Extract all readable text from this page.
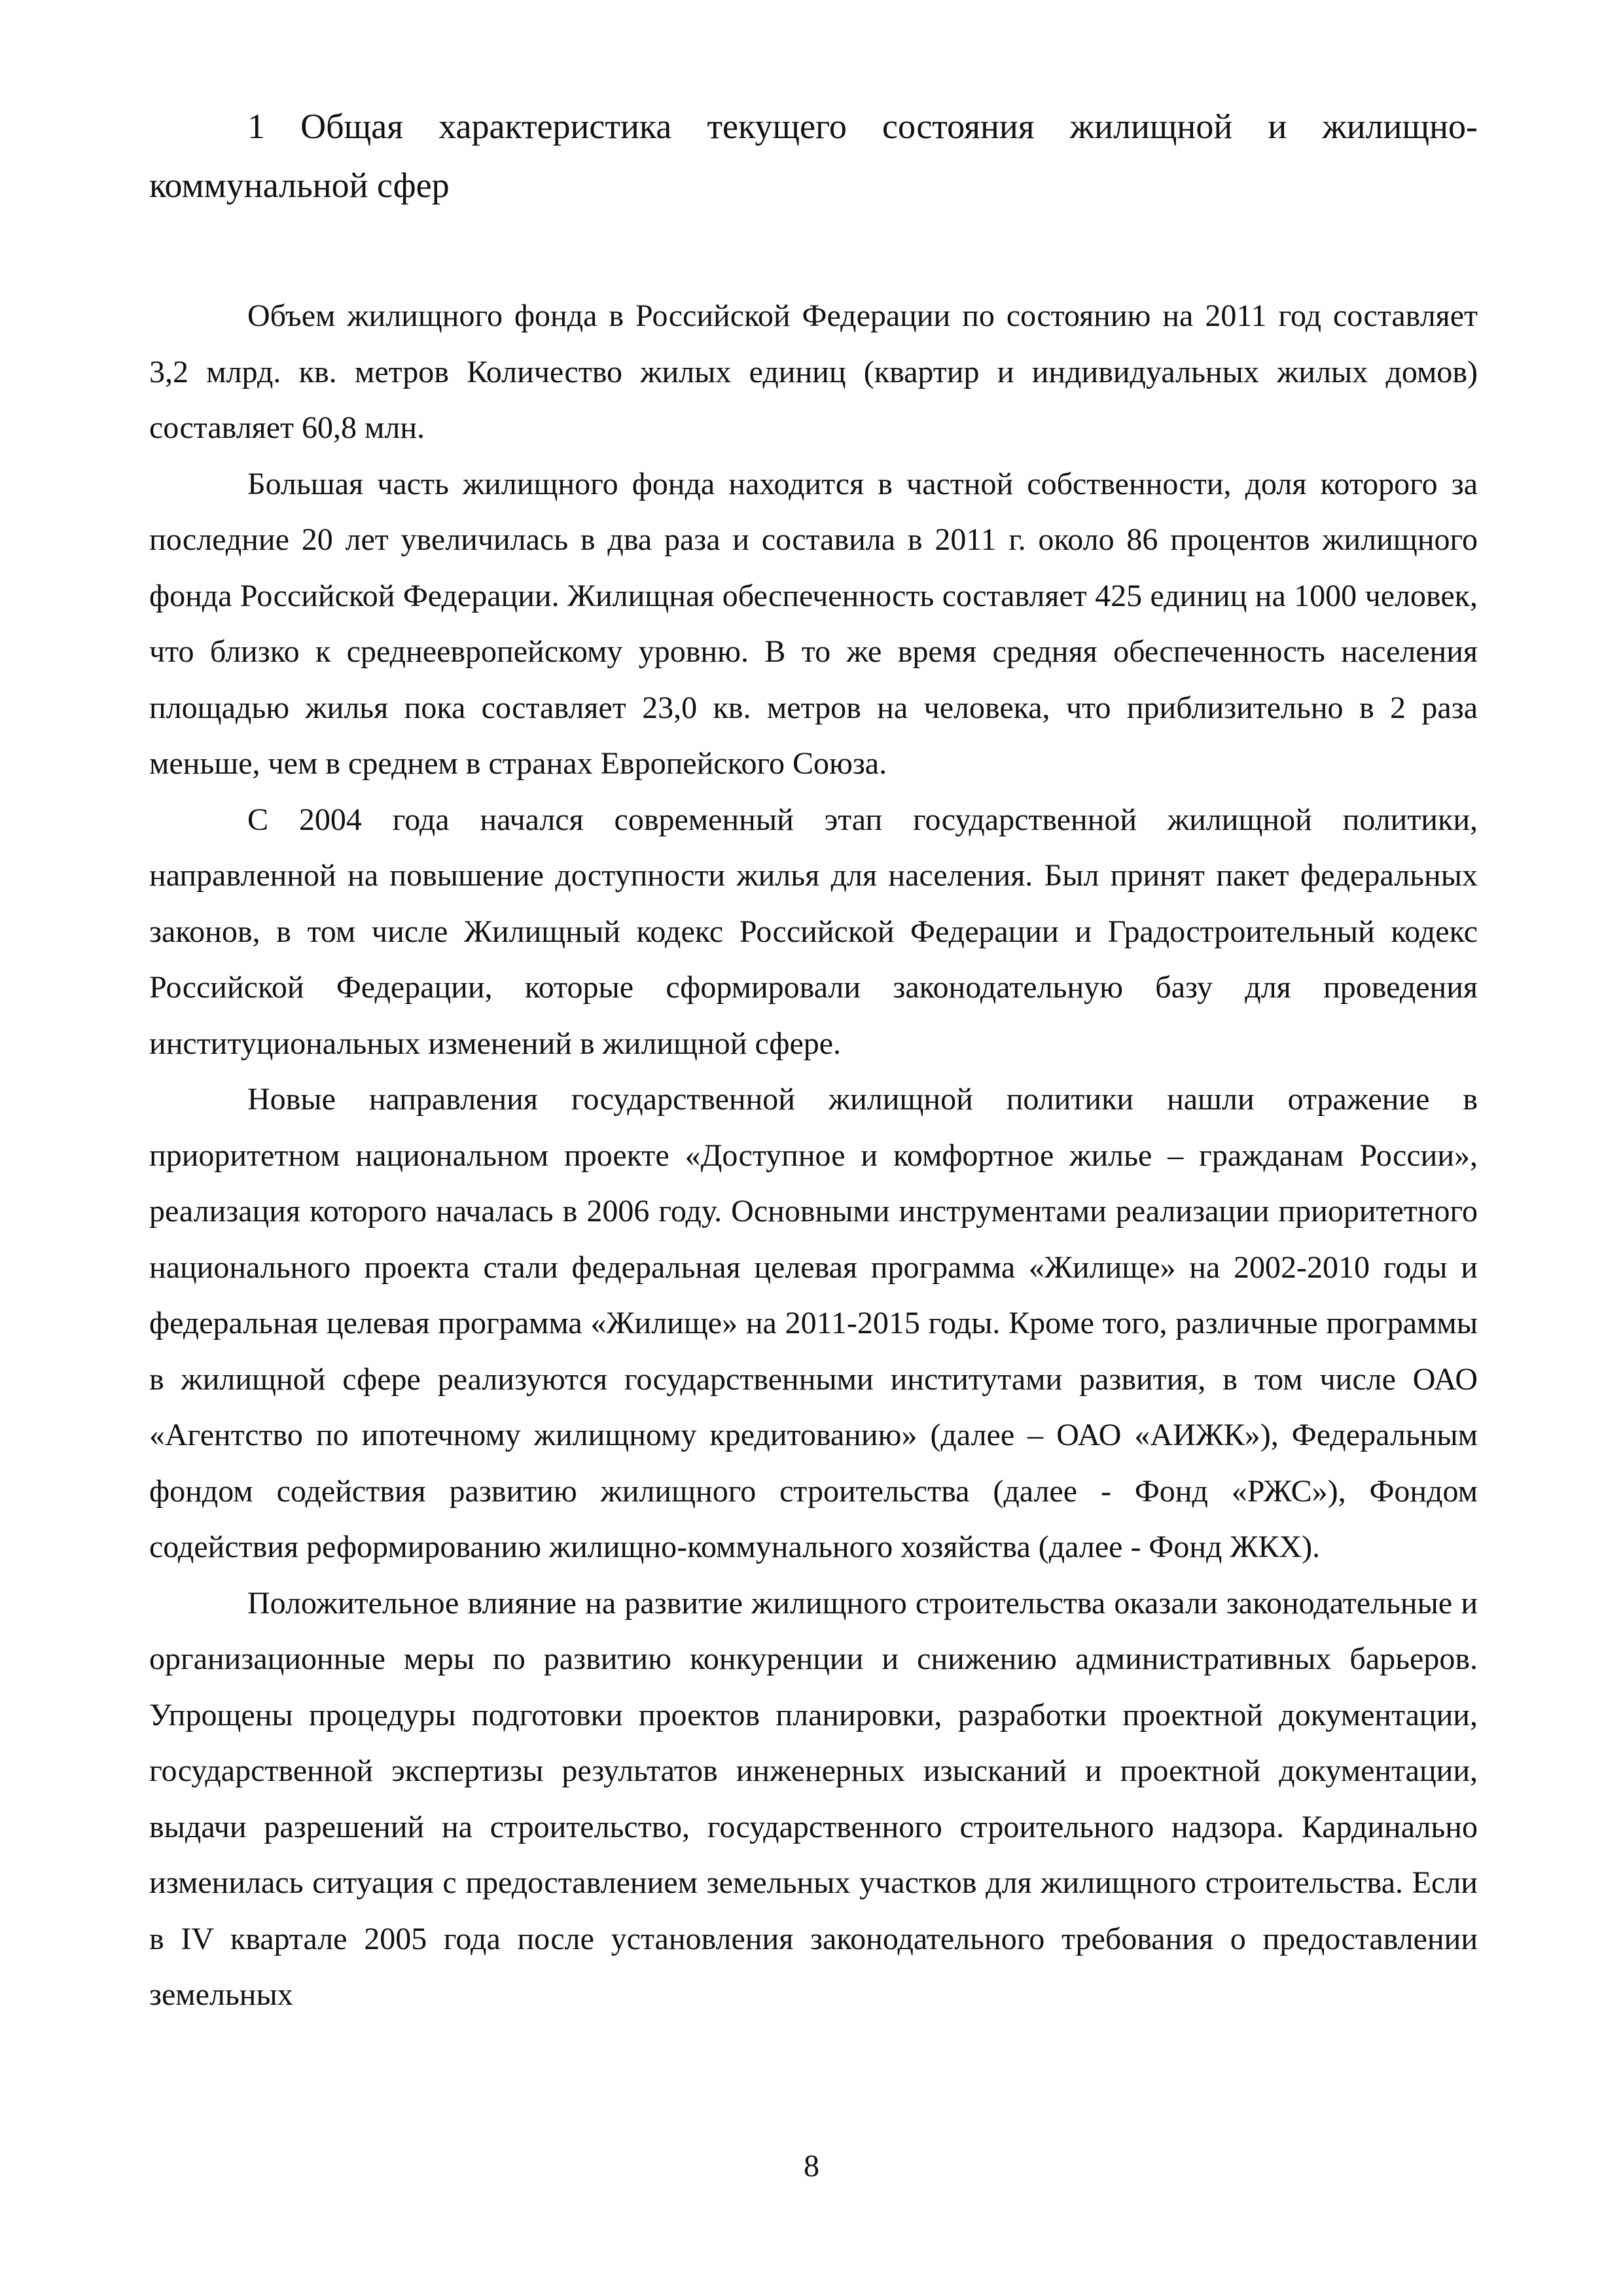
1 Общая характеристика текущего состояния жилищной и жилищно-коммунальной сфер

Объем жилищного фонда в Российской Федерации по состоянию на 2011 год составляет 3,2 млрд. кв. метров Количество жилых единиц (квартир и индивидуальных жилых домов) составляет 60,8 млн.

Большая часть жилищного фонда находится в частной собственности, доля которого за последние 20 лет увеличилась в два раза и составила в 2011 г. около 86 процентов жилищного фонда Российской Федерации. Жилищная обеспеченность составляет 425 единиц на 1000 человек, что близко к среднеевропейскому уровню. В то же время средняя обеспеченность населения площадью жилья пока составляет 23,0 кв. метров на человека, что приблизительно в 2 раза меньше, чем в среднем в странах Европейского Союза.

С 2004 года начался современный этап государственной жилищной политики, направленной на повышение доступности жилья для населения. Был принят пакет федеральных законов, в том числе Жилищный кодекс Российской Федерации и Градостроительный кодекс Российской Федерации, которые сформировали законодательную базу для проведения институциональных изменений в жилищной сфере.

Новые направления государственной жилищной политики нашли отражение в приоритетном национальном проекте «Доступное и комфортное жилье – гражданам России», реализация которого началась в 2006 году. Основными инструментами реализации приоритетного национального проекта стали федеральная целевая программа «Жилище» на 2002-2010 годы и федеральная целевая программа «Жилище» на 2011-2015 годы. Кроме того, различные программы в жилищной сфере реализуются государственными институтами развития, в том числе ОАО «Агентство по ипотечному жилищному кредитованию» (далее – ОАО «АИЖК»), Федеральным фондом содействия развитию жилищного строительства (далее - Фонд «РЖС»), Фондом содействия реформированию жилищно-коммунального хозяйства (далее - Фонд ЖКХ).

Положительное влияние на развитие жилищного строительства оказали законодательные и организационные меры по развитию конкуренции и снижению административных барьеров. Упрощены процедуры подготовки проектов планировки, разработки проектной документации, государственной экспертизы результатов инженерных изысканий и проектной документации, выдачи разрешений на строительство, государственного строительного надзора. Кардинально изменилась ситуация с предоставлением земельных участков для жилищного строительства. Если в IV квартале 2005 года после установления законодательного требования о предоставлении земельных

8
